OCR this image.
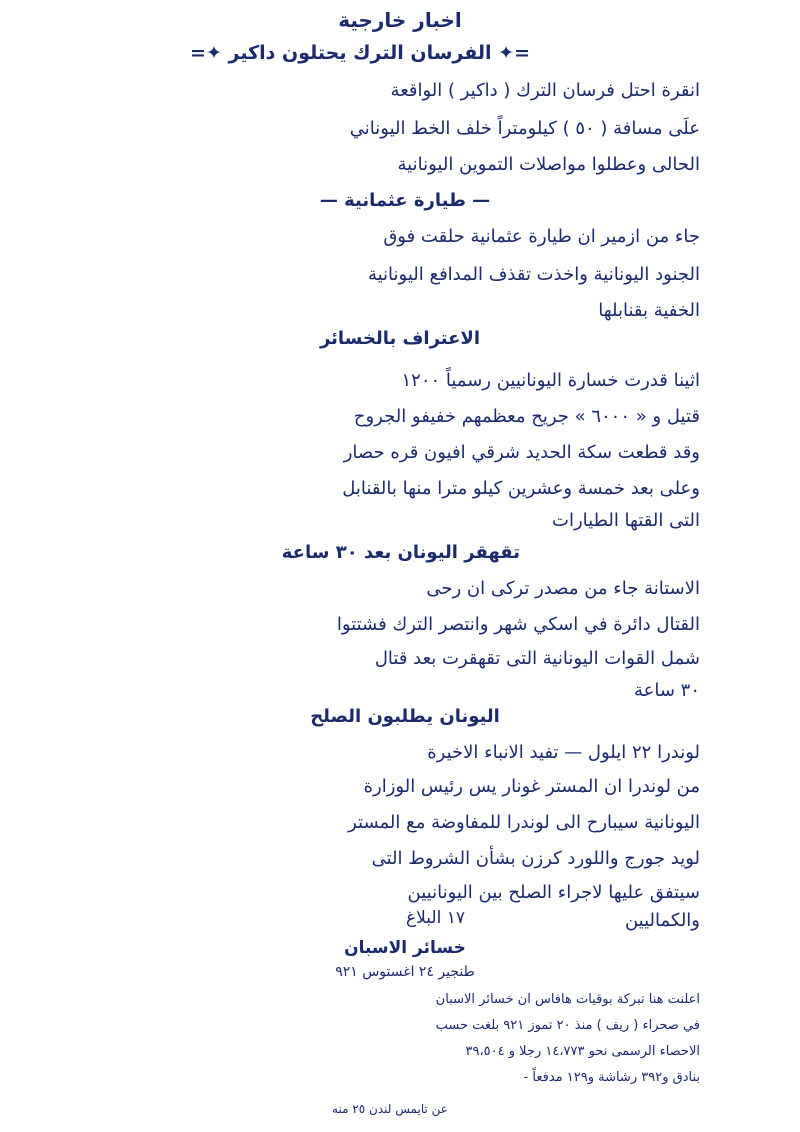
اخبار خارجية
=✦ الفرسان الترك يحتلون داكير ✦=
انقرة احتل فرسان الترك ( داكير ) الواقعة
علَى مسافة ( ٥٠ ) كيلومتراً خلف الخط اليوناني
الحالى وعطلوا مواصلات التموين اليونانية
— طيارة عثمانية —
جاء من ازمير ان طيارة عثمانية حلقت فوق
الجنود اليونانية واخذت تقذف المدافع اليونانية
الخفية بقنابلها
الاعتراف بالخسائر
اثينا قدرت خسارة اليونانيين رسمياً ١٢٠٠
قتيل و « ٦٠٠٠ » جريح معظمهم خفيفو الجروح
وقد قطعت سكة الحديد شرقي افيون قره حصار
وعلى بعد خمسة وعشرين كيلو مترا منها بالقنابل
التى القتها الطيارات
تقهقر اليونان بعد ٣٠ ساعة
الاستانة جاء من مصدر تركى ان رحى
القتال دائرة في اسكي شهر وانتصر الترك فشتتوا
شمل القوات اليونانية التى تقهقرت بعد قتال
٣٠ ساعة
اليونان يطلبون الصلح
لوندرا ٢٢ ايلول — تفيد الانباء الاخيرة
من لوندرا ان المستر غونار يس رئيس الوزارة
اليونانية سيبارح الى لوندرا للمفاوضة مع المستر
لويد جورج واللورد كرزن بشأن الشروط التى
سيتفق عليها لاجراء الصلح بين اليونانيين
والكماليين
١٧ البلاغ
خسائر الاسبان
طنجير ٢٤ اغستوس ٩٢١
اعلنت هنا تبركة بوقيات هافاس ان خسائر الاسبان
في صحراء ( ريف ) منذ ٢٠ تموز ٩٢١ بلغت حسب
الاحصاء الرسمى نحو ١٤،٧٧٣ رجلا و ٣٩،٥٠٤
بنادق و٣٩٢ رشاشة و١٢٩ مدفعاً -
عن تايمس لندن ٢٥ منه
